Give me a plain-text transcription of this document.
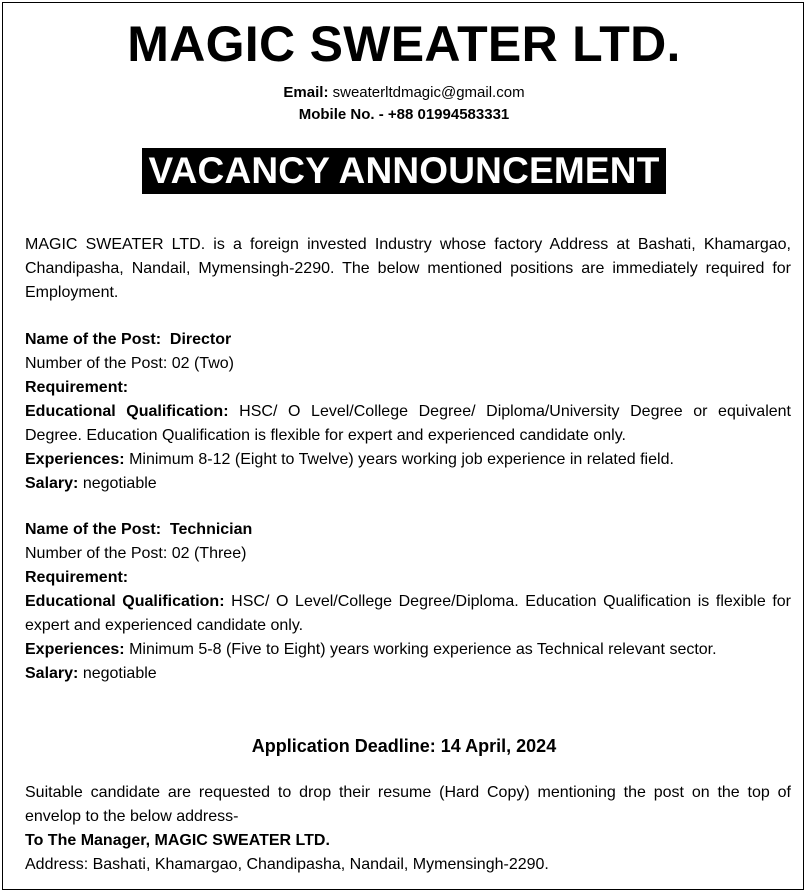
MAGIC SWEATER LTD.
Email: sweaterltdmagic@gmail.com
Mobile No. - +88 01994583331
VACANCY ANNOUNCEMENT
MAGIC SWEATER LTD. is a foreign invested Industry whose factory Address at Bashati, Khamargao, Chandipasha, Nandail, Mymensingh-2290. The below mentioned positions are immediately required for Employment.
Name of the Post: Director
Number of the Post: 02 (Two)
Requirement:
Educational Qualification: HSC/ O Level/College Degree/ Diploma/University Degree or equivalent Degree. Education Qualification is flexible for expert and experienced candidate only.
Experiences: Minimum 8-12 (Eight to Twelve) years working job experience in related field.
Salary: negotiable
Name of the Post: Technician
Number of the Post: 02 (Three)
Requirement:
Educational Qualification: HSC/ O Level/College Degree/Diploma. Education Qualification is flexible for expert and experienced candidate only.
Experiences: Minimum 5-8 (Five to Eight) years working experience as Technical relevant sector.
Salary: negotiable
Application Deadline: 14 April, 2024
Suitable candidate are requested to drop their resume (Hard Copy) mentioning the post on the top of envelop to the below address-
To The Manager, MAGIC SWEATER LTD.
Address: Bashati, Khamargao, Chandipasha, Nandail, Mymensingh-2290.
